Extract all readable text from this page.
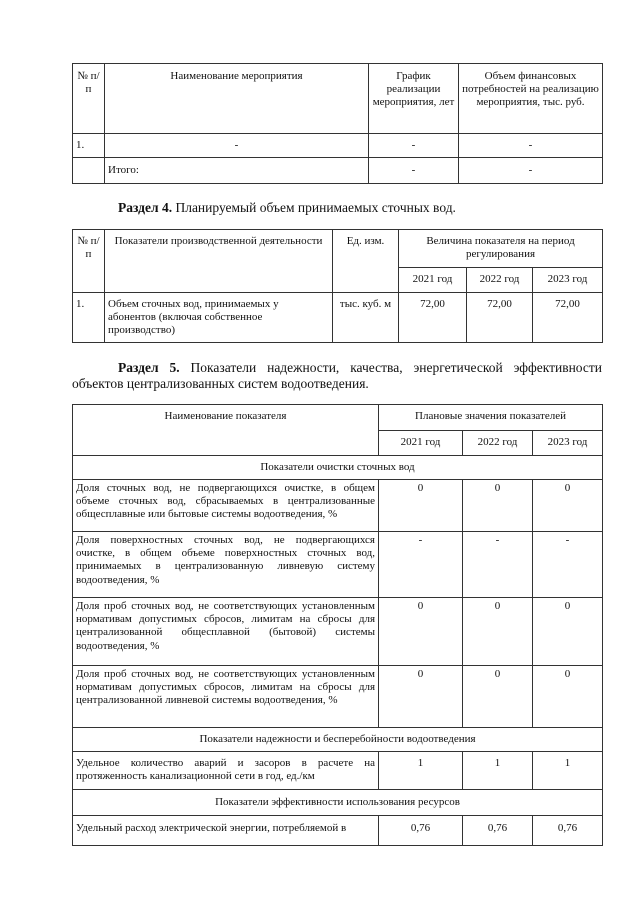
№ п/п	Наименование мероприятия	График реализации мероприятия, лет	Объем финансовых потребностей на реализацию мероприятия, тыс. руб.
1.	-	-	-
	Итого:	-	-
Раздел 4. Планируемый объем принимаемых сточных вод.
№ п/п	Показатели производственной деятельности	Ед. изм.	Величина показателя на период регулирования		
			2021 год	2022 год	2023 год
1.	Объем сточных вод, принимаемых у абонентов (включая собственное производство)	тыс. куб. м	72,00	72,00	72,00
Раздел 5. Показатели надежности, качества, энергетической эффективности
объектов централизованных систем водоотведения.
Наименование показателя	Плановые значения показателей		
	2021 год	2022 год	2023 год
Показатели очистки сточных вод			
Доля сточных вод, не подвергающихся очистке, в общем объеме сточных вод, сбрасываемых в централизованные общесплавные или бытовые системы водоотведения, %	0	0	0
Доля поверхностных сточных вод, не подвергающихся очистке, в общем объеме поверхностных сточных вод, принимаемых в централизованную ливневую систему водоотведения, %	-	-	-
Доля проб сточных вод, не соответствующих установленным нормативам допустимых сбросов, лимитам на сбросы для централизованной общесплавной (бытовой) системы водоотведения, %	0	0	0
Доля проб сточных вод, не соответствующих установленным нормативам допустимых сбросов, лимитам на сбросы для централизованной ливневой системы водоотведения, %	0	0	0
Показатели надежности и бесперебойности водоотведения			
Удельное количество аварий и засоров в расчете на протяженность канализационной сети в год, ед./км	1	1	1
Показатели эффективности использования ресурсов			
Удельный расход электрической энергии, потребляемой в	0,76	0,76	0,76
